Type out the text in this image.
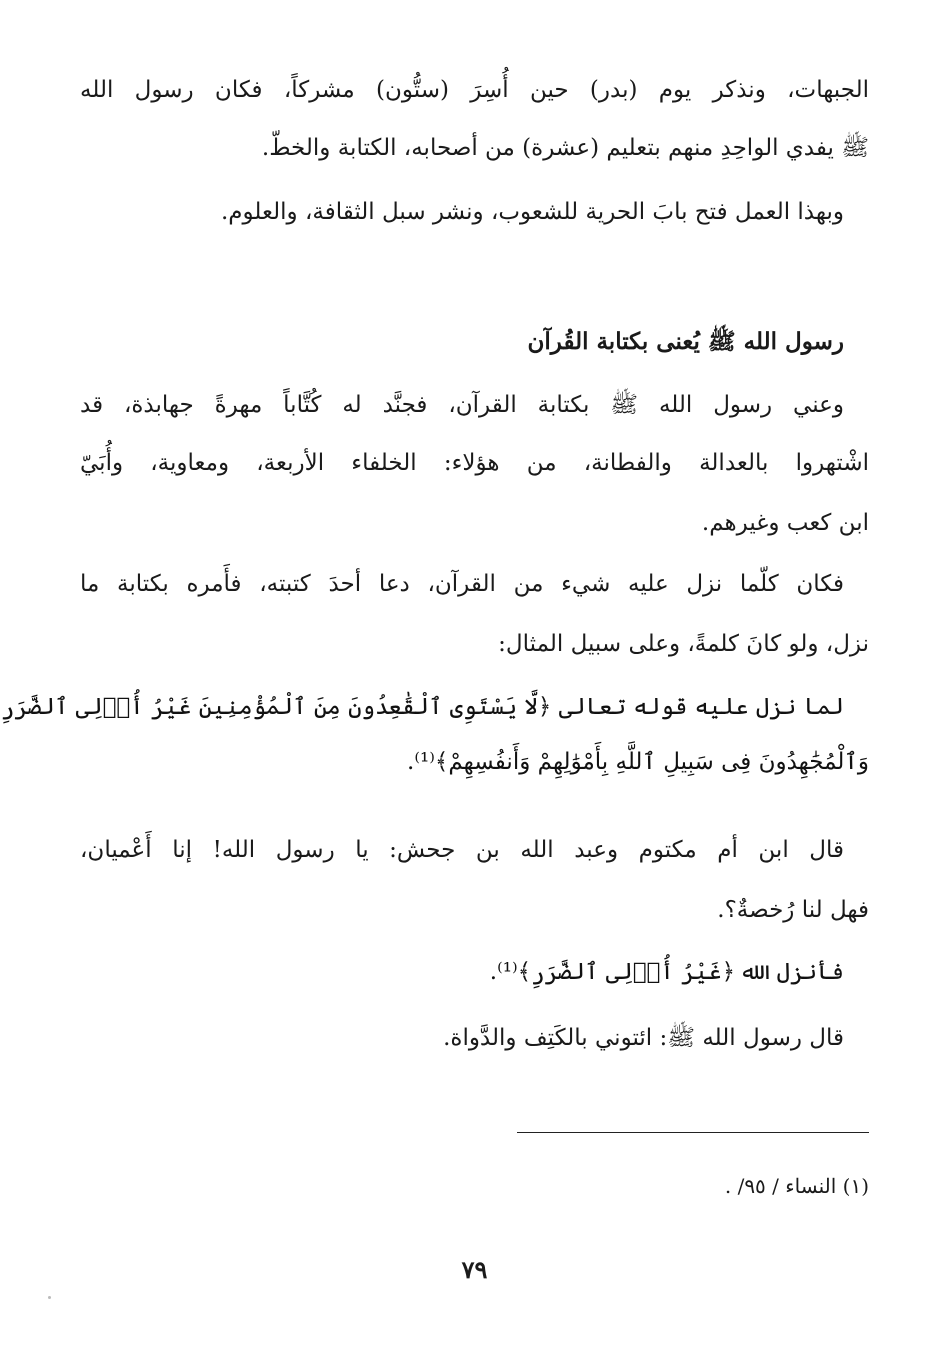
الجبهات، ونذكر يوم (بدر) حين أُسِرَ (ستُّون) مشركاً، فكان رسول الله
ﷺ يفدي الواحِدِ منهم بتعليم (عشرة) من أصحابه، الكتابة والخطّ.
وبهذا العمل فتح بابَ الحرية للشعوب، ونشر سبل الثقافة، والعلوم.
رسول الله ﷺ يُعنى بكتابة القُرآن
وعني رسول الله ﷺ بكتابة القرآن، فجنَّد له كُتَّاباً مهرةً جهابذة، قد
اشْتهروا بالعدالة والفطانة، من هؤلاء: الخلفاء الأربعة، ومعاوية، وأُبَيّ
ابن كعب وغيرهم.
فكان كلّما نزل عليه شيء من القرآن، دعا أحدَ كتبته، فأَمره بكتابة ما
نزل، ولو كانَ كلمةً، وعلى سبيل المثال:
لما نزل عليه قوله تعالى ﴿لَّا يَسْتَوِى ٱلْقَٰعِدُونَ مِنَ ٱلْمُؤْمِنِينَ غَيْرُ أُو۟لِى ٱلضَّرَرِ
وَٱلْمُجَٰهِدُونَ فِى سَبِيلِ ٱللَّهِ بِأَمْوَٰلِهِمْ وَأَنفُسِهِمْ﴾⁽¹⁾.
قال ابن أم مكتوم وعبد الله بن جحش: يا رسول الله! إنا أَعْميان،
فهل لنا رُخصةٌ؟.
فأنزل الله ﴿غَيْرُ أُو۟لِى ٱلضَّرَرِ﴾⁽¹⁾.
قال رسول الله ﷺ: ائتوني بالكَتِف والدَّواة.
(١) النساء / ٩٥/ .
٧٩
